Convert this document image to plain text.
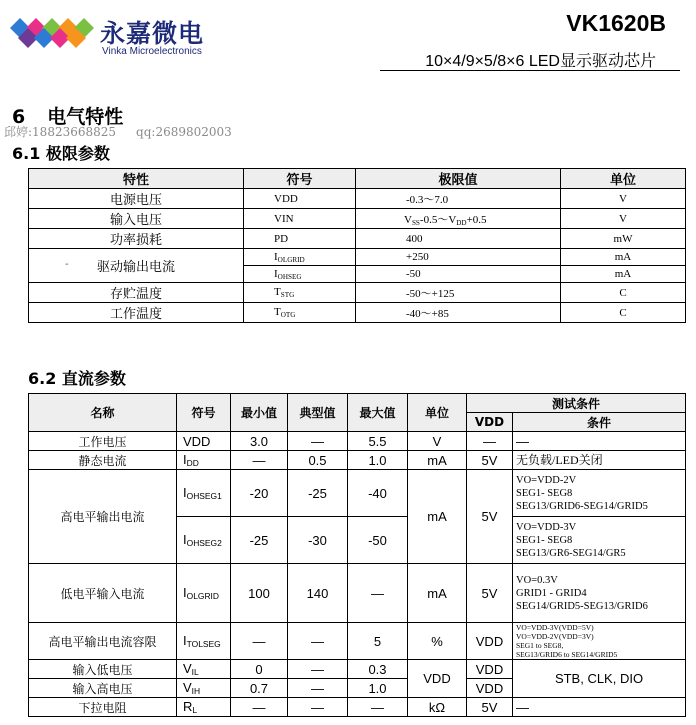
永嘉微电
Vinka Microelectronics
VK1620B
10×4/9×5/8×6 LED显示驱动芯片
6 电气特性
邱婷:18823668825 qq:2689802003
6.1 极限参数
特性	符号	极限值	单位
电源电压	VDD	-0.3～7.0	V
输入电压	VIN	$V_{SS}-0.5\sim V_{DD}+0.5$	V
功率损耗	PD	400	mW

- 驱动输出电流	$I_{OLGRID}$	+250	mA
	$I_{OHSEG}$	-50	mA
存贮温度	$T_{STG}$	-50～+125	C
工作温度	$T_{OTG}$	-40～+85	C
6.2 直流参数
名称	符号	最小值	典型值	最大值	单位	测试条件	
						VDD	条件
工作电压	VDD	3.0	—	5.5	V	—	—
静态电流	$I_{DD}$	—	0.5	1.0	mA	5V	无负载/LED关闭
高电平输出电流	$I_{OHSEG1}$	-20	-25	-40	mA	5V	VO=VDD-2V
SEG1- SEG8
SEG13/GRID6-SEG14/GRID5

	$I_{OHSEG2}$	-25	-30	-50			VO=VDD-3V
SEG1- SEG8
SEG13/GR6-SEG14/GR5

低电平输入电流	$I_{OLGRID}$	100	140	—	mA	5V	VO=0.3V
GRID1 - GRID4
SEG14/GRID5-SEG13/GRID6

高电平输出电流容限	$I_{TOLSEG}$	—	—	5	%	VDD	VO=VDD-3V(VDD=5V)
VO=VDD-2V(VDD=3V)
SEG1 to SEG8,
SEG13/GRID6 to SEG14/GRID5

输入低电压	$V_{IL}$	0	—	0.3	VDD	VDD	STB, CLK, DIO
输入高电压	$V_{IH}$	0.7	—	1.0		VDD	
下拉电阻	$R_L$	—	—	—	kΩ	5V	—
